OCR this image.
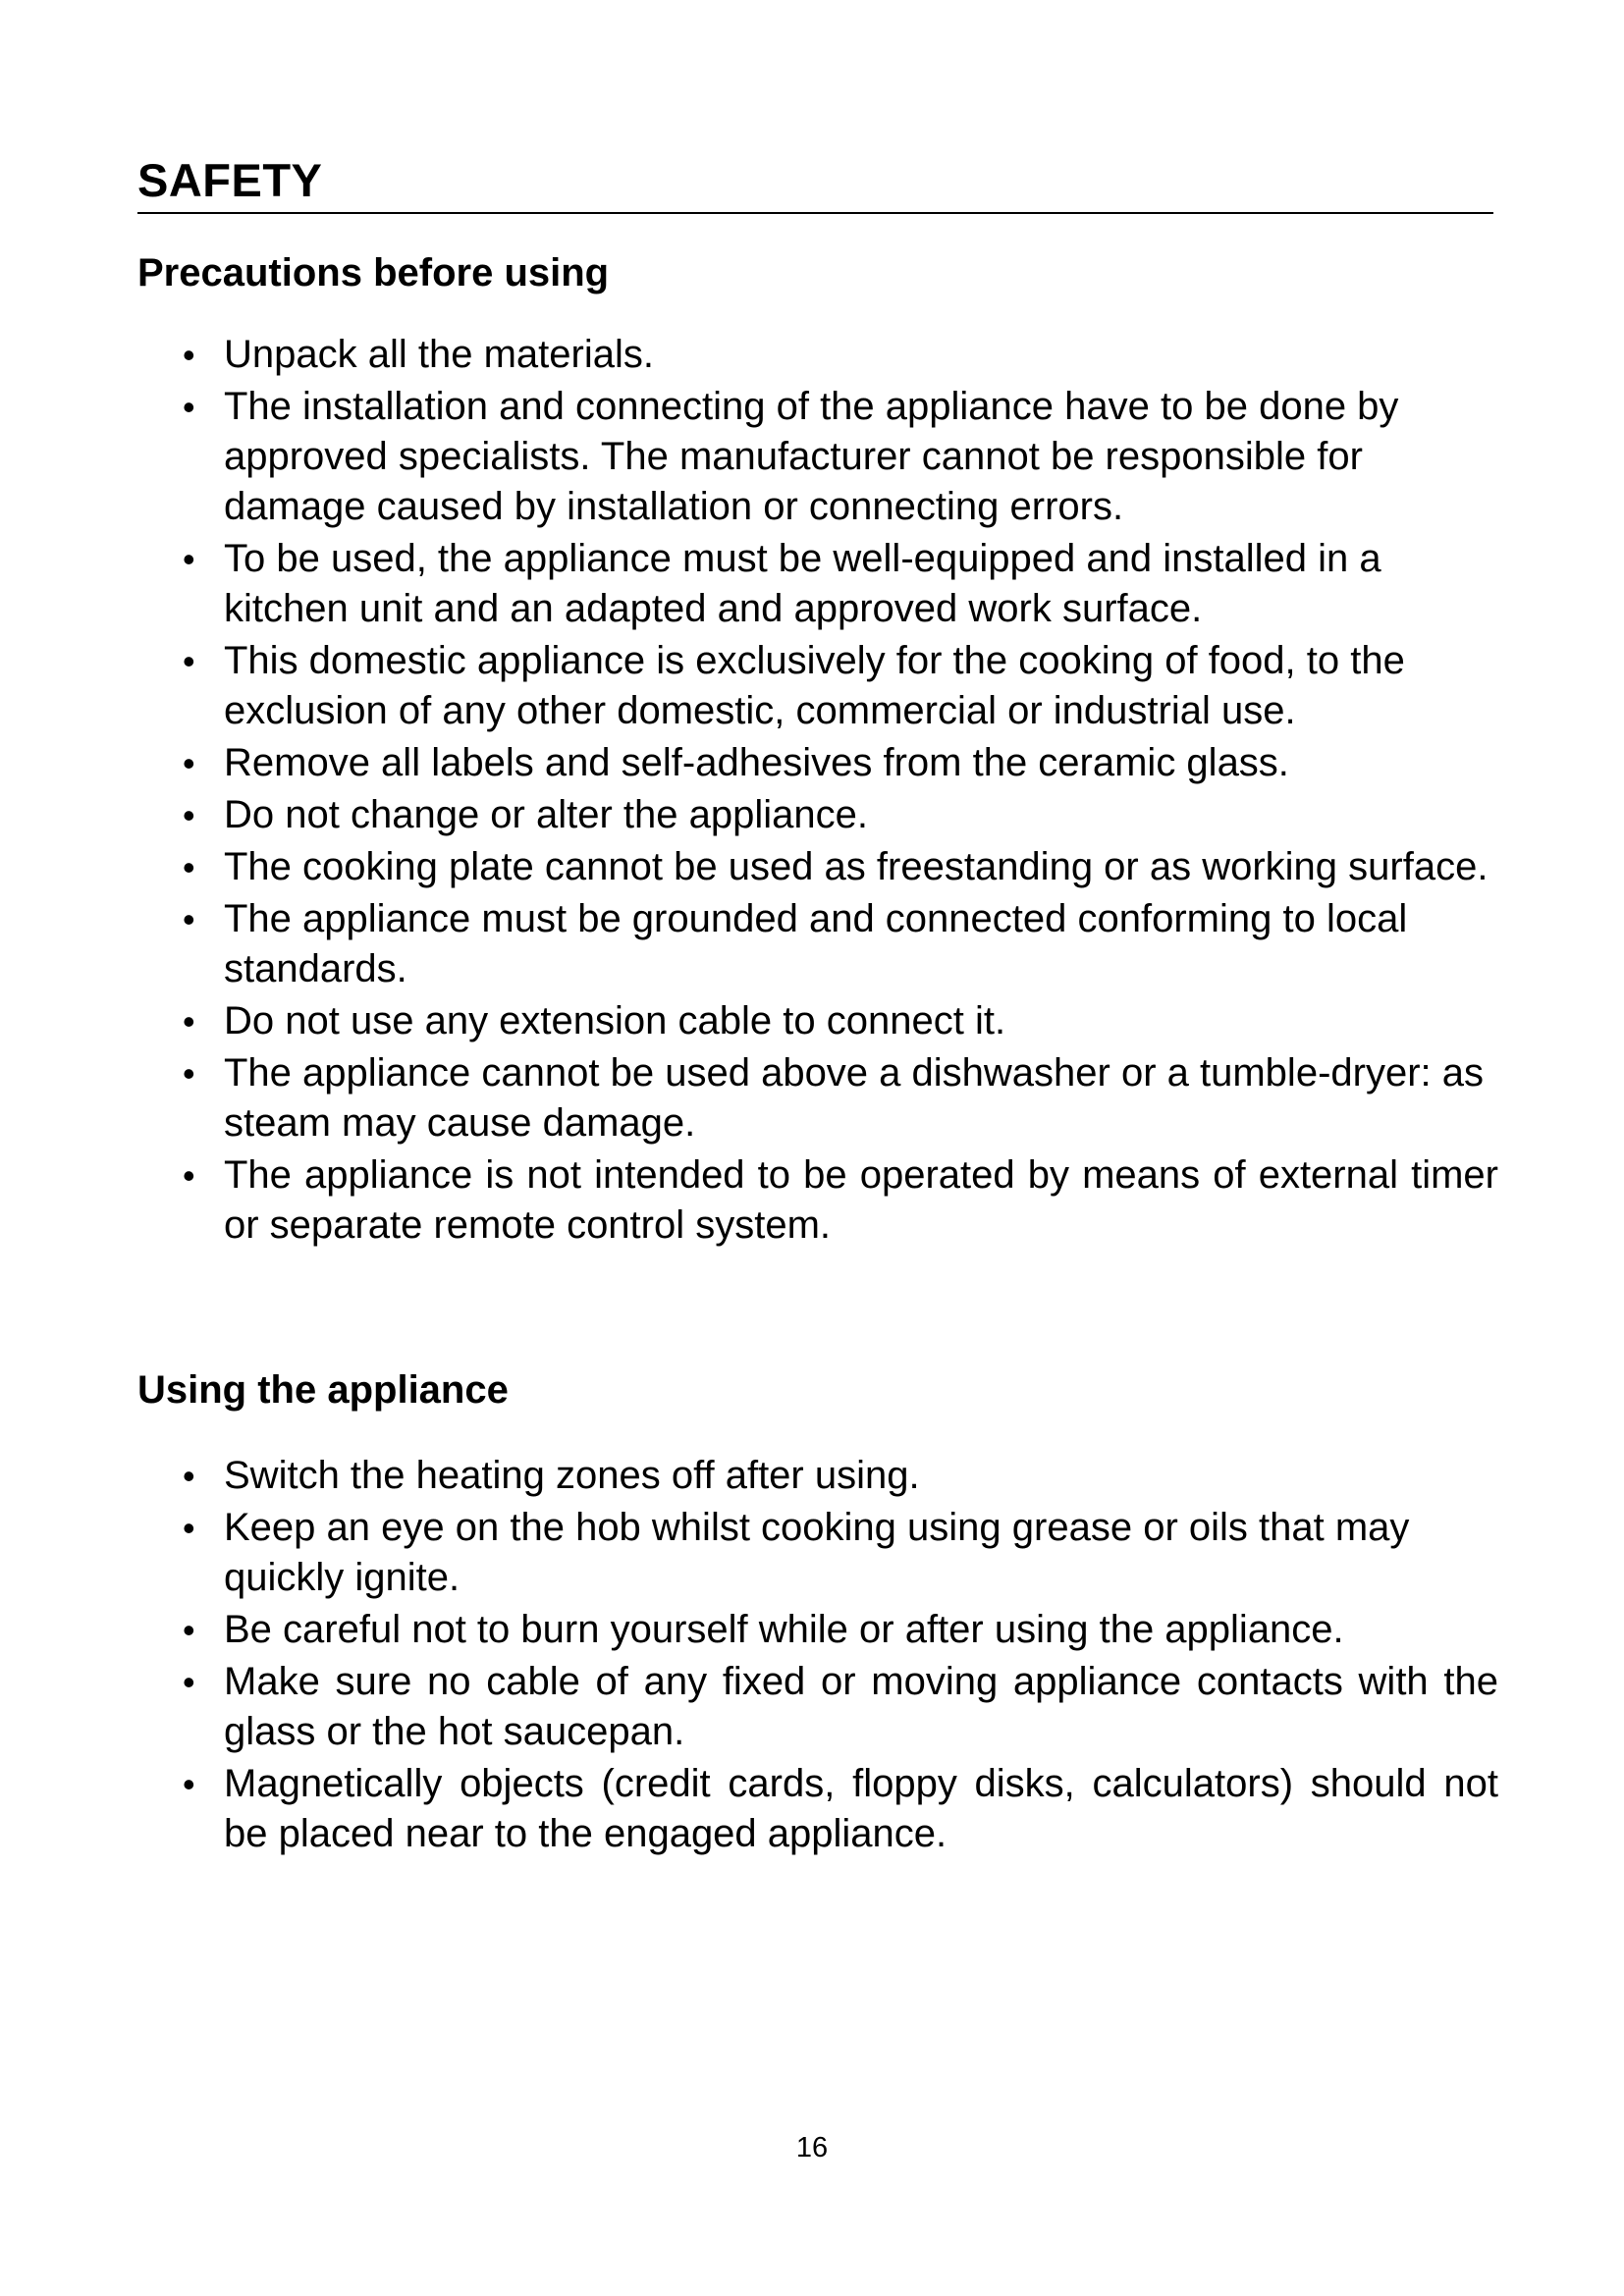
SAFETY
Precautions before using
• Unpack all the materials.
• The installation and connecting of the appliance have to be done by approved specialists. The manufacturer cannot be responsible for damage caused by installation or connecting errors.
• To be used, the appliance must be well-equipped and installed in a kitchen unit and an adapted and approved work surface.
• This domestic appliance is exclusively for the cooking of food, to the exclusion of any other domestic, commercial or industrial use.
• Remove all labels and self-adhesives from the ceramic glass.
• Do not change or alter the appliance.
• The cooking plate cannot be used as freestanding or as working surface.
• The appliance must be grounded and connected conforming to local standards.
• Do not use any extension cable to connect it.
• The appliance cannot be used above a dishwasher or a tumble-dryer: as steam may cause damage.
• The appliance is not intended to be operated by means of external timer or separate remote control system.
Using the appliance
• Switch the heating zones off after using.
• Keep an eye on the hob whilst cooking using grease or oils that may quickly ignite.
• Be careful not to burn yourself while or after using the appliance.
• Make sure no cable of any fixed or moving appliance contacts with the glass or the hot saucepan.
• Magnetically objects (credit cards, floppy disks, calculators) should not be placed near to the engaged appliance.

16
